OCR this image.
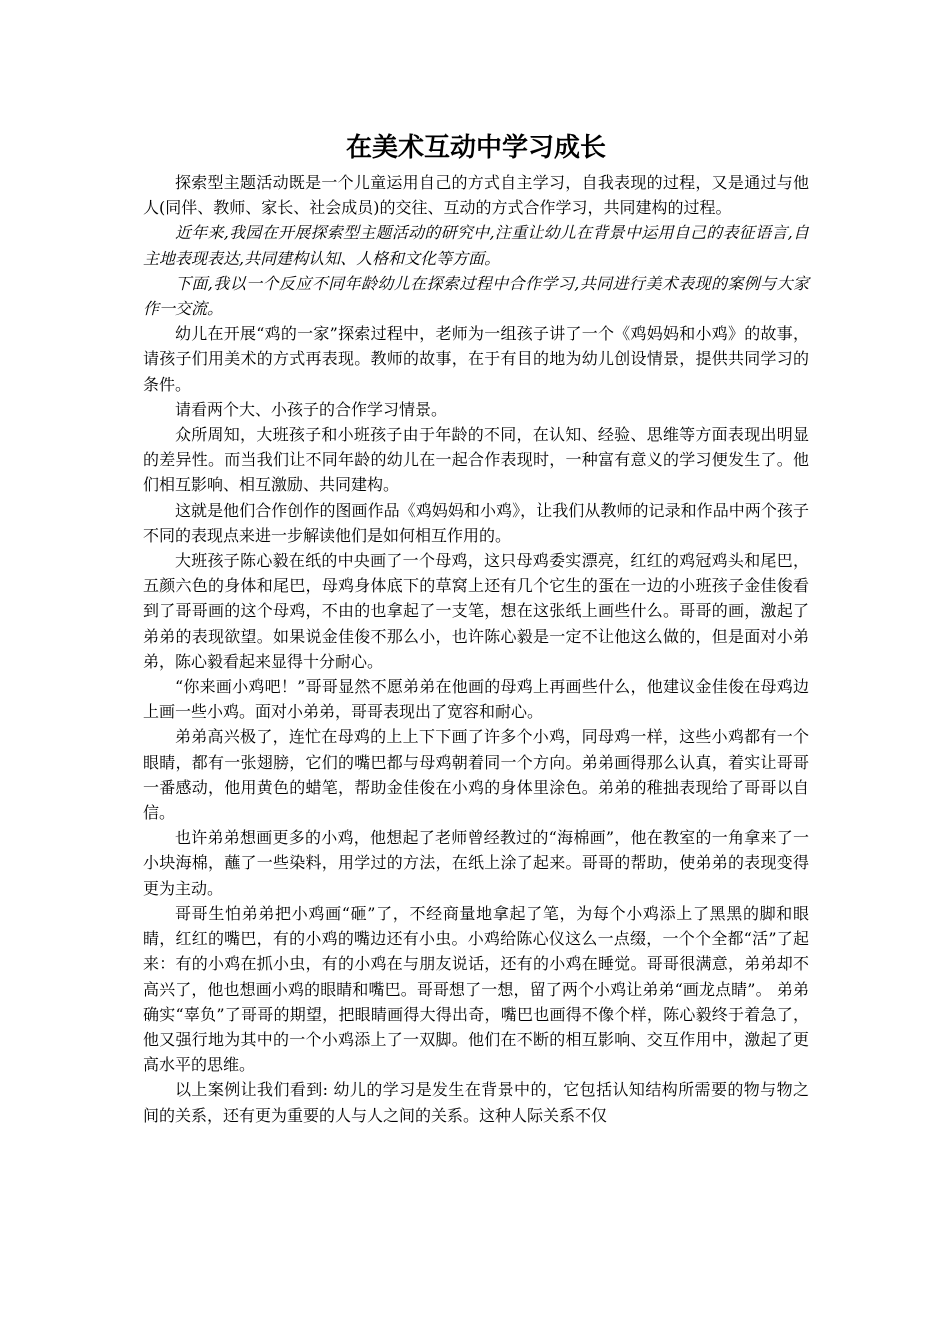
在美术互动中学习成长

探索型主题活动既是一个儿童运用自己的方式自主学习，自我表现的过程，又是通过与他人(同伴、教师、家长、社会成员)的交往、互动的方式合作学习，共同建构的过程。

近年来,我园在开展探索型主题活动的研究中,注重让幼儿在背景中运用自己的表征语言,自主地表现表达,共同建构认知、人格和文化等方面。

下面,我以一个反应不同年龄幼儿在探索过程中合作学习,共同进行美术表现的案例与大家作一交流。

幼儿在开展“鸡的一家”探索过程中，老师为一组孩子讲了一个《鸡妈妈和小鸡》的故事，请孩子们用美术的方式再表现。教师的故事，在于有目的地为幼儿创设情景，提供共同学习的条件。

请看两个大、小孩子的合作学习情景。

众所周知，大班孩子和小班孩子由于年龄的不同，在认知、经验、思维等方面表现出明显的差异性。而当我们让不同年龄的幼儿在一起合作表现时，一种富有意义的学习便发生了。他们相互影响、相互激励、共同建构。

这就是他们合作创作的图画作品《鸡妈妈和小鸡》，让我们从教师的记录和作品中两个孩子不同的表现点来进一步解读他们是如何相互作用的。

大班孩子陈心毅在纸的中央画了一个母鸡，这只母鸡委实漂亮，红红的鸡冠鸡头和尾巴，五颜六色的身体和尾巴，母鸡身体底下的草窝上还有几个它生的蛋在一边的小班孩子金佳俊看到了哥哥画的这个母鸡，不由的也拿起了一支笔，想在这张纸上画些什么。哥哥的画，激起了弟弟的表现欲望。如果说金佳俊不那么小，也许陈心毅是一定不让他这么做的，但是面对小弟弟，陈心毅看起来显得十分耐心。

“你来画小鸡吧！”哥哥显然不愿弟弟在他画的母鸡上再画些什么，他建议金佳俊在母鸡边上画一些小鸡。面对小弟弟，哥哥表现出了宽容和耐心。

弟弟高兴极了，连忙在母鸡的上上下下画了许多个小鸡，同母鸡一样，这些小鸡都有一个眼睛，都有一张翅膀，它们的嘴巴都与母鸡朝着同一个方向。弟弟画得那么认真，着实让哥哥一番感动，他用黄色的蜡笔，帮助金佳俊在小鸡的身体里涂色。弟弟的稚拙表现给了哥哥以自信。

也许弟弟想画更多的小鸡，他想起了老师曾经教过的“海棉画”，他在教室的一角拿来了一小块海棉，蘸了一些染料，用学过的方法，在纸上涂了起来。哥哥的帮助，使弟弟的表现变得更为主动。

哥哥生怕弟弟把小鸡画“砸”了，不经商量地拿起了笔，为每个小鸡添上了黑黑的脚和眼睛，红红的嘴巴，有的小鸡的嘴边还有小虫。小鸡给陈心仪这么一点缀，一个个全都“活”了起来：有的小鸡在抓小虫，有的小鸡在与朋友说话，还有的小鸡在睡觉。哥哥很满意，弟弟却不高兴了，他也想画小鸡的眼睛和嘴巴。哥哥想了一想，留了两个小鸡让弟弟“画龙点睛”。 弟弟确实“辜负”了哥哥的期望，把眼睛画得大得出奇，嘴巴也画得不像个样，陈心毅终于着急了，他又强行地为其中的一个小鸡添上了一双脚。他们在不断的相互影响、交互作用中，激起了更高水平的思维。

以上案例让我们看到: 幼儿的学习是发生在背景中的，它包括认知结构所需要的物与物之间的关系，还有更为重要的人与人之间的关系。这种人际关系不仅
